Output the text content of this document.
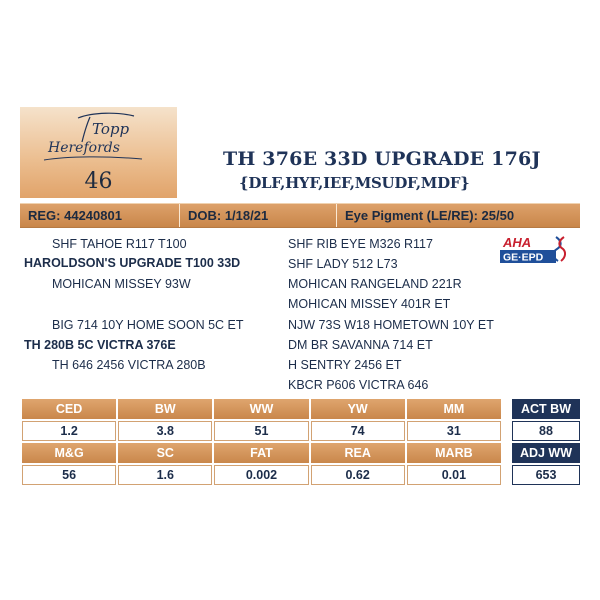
Topp
Herefords
46
TH 376E 33D UPGRADE 176J
{DLF,HYF,IEF,MSUDF,MDF}
REG: 44240801	DOB: 1/18/21	Eye Pigment (LE/RE): 25/50
SHF TAHOE R117 T100
HAROLDSON'S UPGRADE T100 33D
MOHICAN MISSEY 93W
BIG 714 10Y HOME SOON 5C ET
TH 280B 5C VICTRA 376E
TH 646 2456 VICTRA 280B
SHF RIB EYE M326 R117
SHF LADY 512 L73
MOHICAN RANGELAND 221R
MOHICAN MISSEY 401R ET
NJW 73S W18 HOMETOWN 10Y ET
DM BR SAVANNA 714 ET
H SENTRY 2456 ET
KBCR P606 VICTRA 646
AHA
GE·EPD
CED	BW	WW	YW	MM
1.2	3.8	51	74	31
M&G	SC	FAT	REA	MARB
56	1.6	0.002	0.62	0.01
ACT BW
88
ADJ WW
653
